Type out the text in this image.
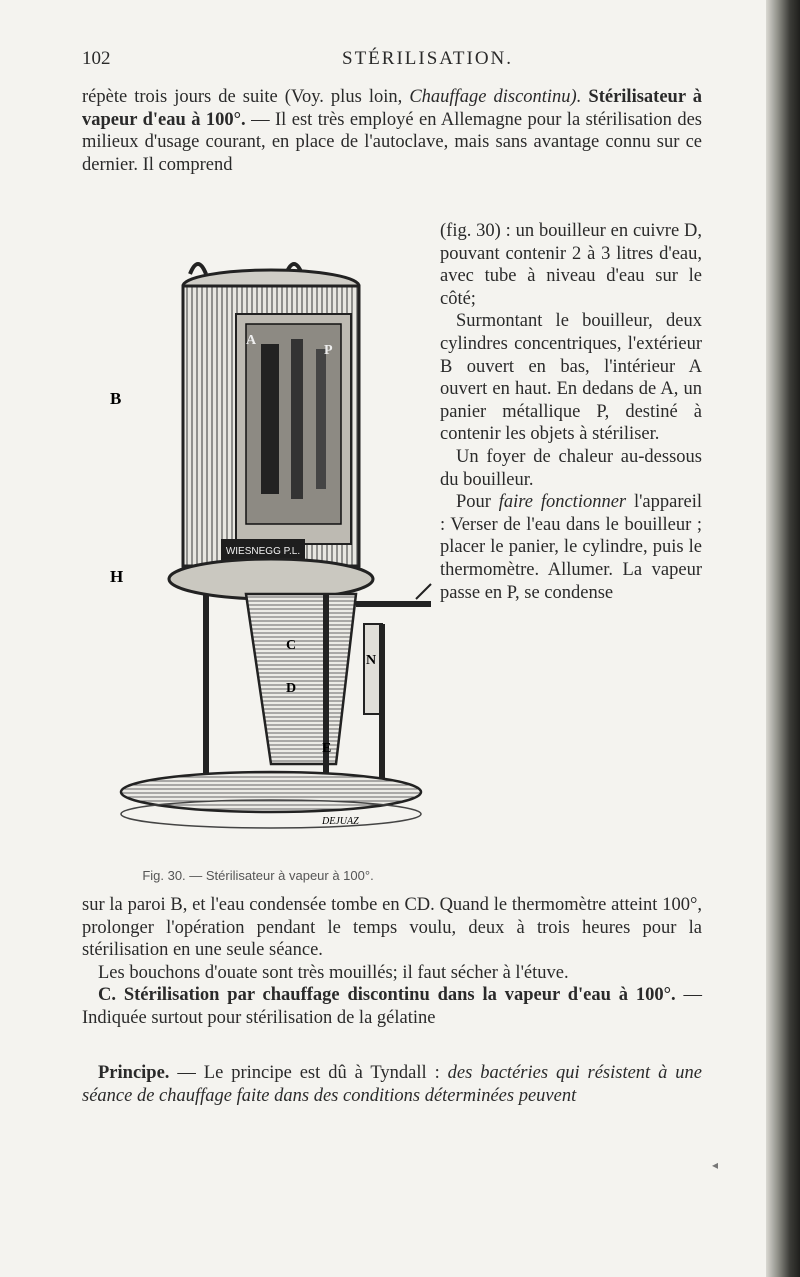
102	STÉRILISATION.

répète trois jours de suite (Voy. plus loin, Chauffage discontinu). Stérilisateur à vapeur d'eau à 100°. — Il est très employé en Allemagne pour la stérilisation des milieux d'usage courant, en place de l'autoclave, mais sans avantage connu sur ce dernier. Il comprend

WIESNEGG P.L.
B
H
A
P
C
D
E
N
DEJUAZ
Fig. 30. — Stérilisateur à vapeur à 100°.

(fig. 30) : un bouilleur en cuivre D, pouvant contenir 2 à 3 litres d'eau, avec tube à niveau d'eau sur le côté;
Surmontant le bouilleur, deux cylindres concentriques, l'extérieur B ouvert en bas, l'intérieur A ouvert en haut. En dedans de A, un panier métallique P, destiné à contenir les objets à stériliser.
Un foyer de chaleur au-dessous du bouilleur.
Pour faire fonctionner l'appareil : Verser de l'eau dans le bouilleur ; placer le panier, le cylindre, puis le thermomètre. Allumer. La vapeur passe en P, se condense

sur la paroi B, et l'eau condensée tombe en CD. Quand le thermomètre atteint 100°, prolonger l'opération pendant le temps voulu, deux à trois heures pour la stérilisation en une seule séance.
Les bouchons d'ouate sont très mouillés; il faut sécher à l'étuve.
C. Stérilisation par chauffage discontinu dans la vapeur d'eau à 100°. — Indiquée surtout pour stérilisation de la gélatine

Principe. — Le principe est dû à Tyndall : des bactéries qui résistent à une séance de chauffage faite dans des conditions déterminées peuvent

◂
